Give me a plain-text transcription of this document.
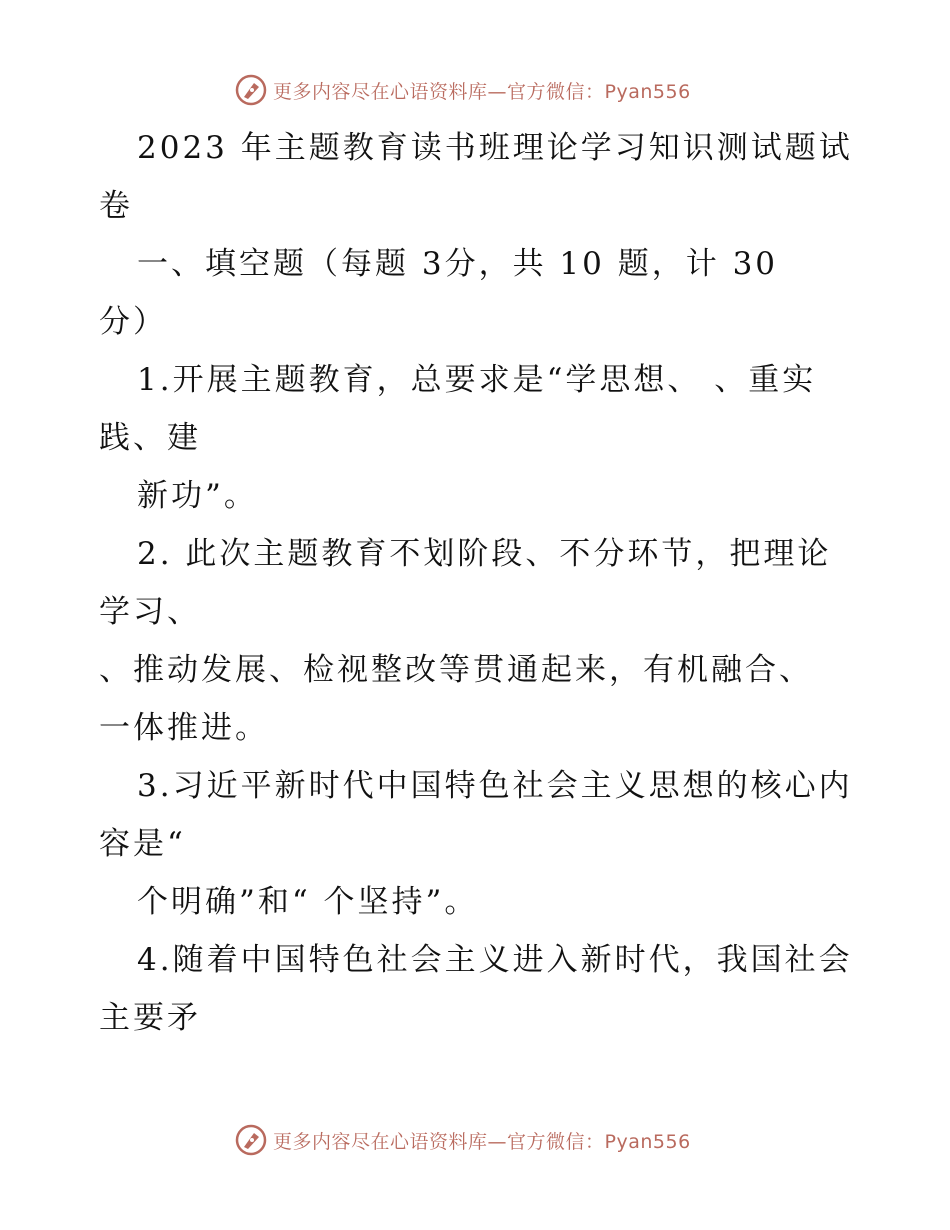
更多内容尽在心语资料库—官方微信：Pyan556
2023 年主题教育读书班理论学习知识测试题试
卷
一、填空题（每题 3分，共 10 题，计 30
分）
1.开展主题教育，总要求是“学思想、 、重实
践、建
新功”。
2. 此次主题教育不划阶段、不分环节，把理论
学习、
、推动发展、检视整改等贯通起来，有机融合、
一体推进。
3.习近平新时代中国特色社会主义思想的核心内
容是“
个明确”和“ 个坚持”。
4.随着中国特色社会主义进入新时代，我国社会
主要矛
更多内容尽在心语资料库—官方微信：Pyan556
